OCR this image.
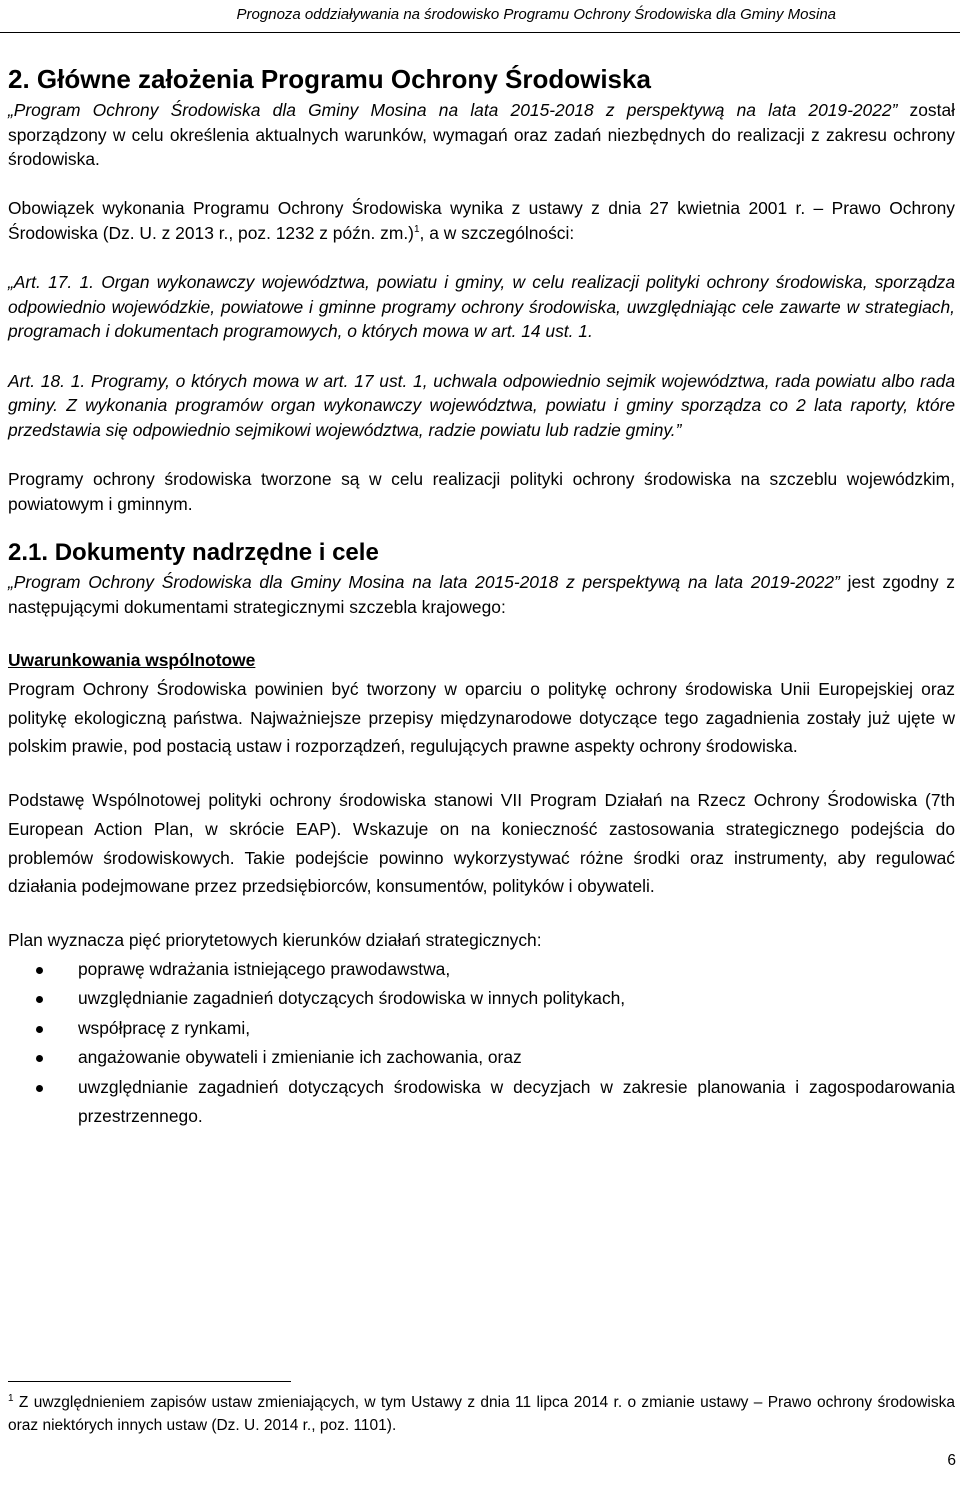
Prognoza oddziaływania na środowisko Programu Ochrony Środowiska dla Gminy Mosina
2. Główne założenia Programu Ochrony Środowiska

„Program Ochrony Środowiska dla Gminy Mosina na lata 2015-2018 z perspektywą na lata 2019-2022” został sporządzony w celu określenia aktualnych warunków, wymagań oraz zadań niezbędnych do realizacji z zakresu ochrony środowiska.

Obowiązek wykonania Programu Ochrony Środowiska wynika z ustawy z dnia 27 kwietnia 2001 r. – Prawo Ochrony Środowiska (Dz. U. z 2013 r., poz. 1232 z późn. zm.)$^1$, a w szczególności:

„Art. 17. 1. Organ wykonawczy województwa, powiatu i gminy, w celu realizacji polityki ochrony środowiska, sporządza odpowiednio wojewódzkie, powiatowe i gminne programy ochrony środowiska, uwzględniając cele zawarte w strategiach, programach i dokumentach programowych, o których mowa w art. 14 ust. 1.

Art. 18. 1. Programy, o których mowa w art. 17 ust. 1, uchwala odpowiednio sejmik województwa, rada powiatu albo rada gminy. Z wykonania programów organ wykonawczy województwa, powiatu i gminy sporządza co 2 lata raporty, które przedstawia się odpowiednio sejmikowi województwa, radzie powiatu lub radzie gminy.”

Programy ochrony środowiska tworzone są w celu realizacji polityki ochrony środowiska na szczeblu wojewódzkim, powiatowym i gminnym.

2.1. Dokumenty nadrzędne i cele

„Program Ochrony Środowiska dla Gminy Mosina na lata 2015-2018 z perspektywą na lata 2019-2022” jest zgodny z następującymi dokumentami strategicznymi szczebla krajowego:

Uwarunkowania wspólnotowe

Program Ochrony Środowiska powinien być tworzony w oparciu o politykę ochrony środowiska Unii Europejskiej oraz politykę ekologiczną państwa. Najważniejsze przepisy międzynarodowe dotyczące tego zagadnienia zostały już ujęte w polskim prawie, pod postacią ustaw i rozporządzeń, regulujących prawne aspekty ochrony środowiska.

Podstawę Wspólnotowej polityki ochrony środowiska stanowi VII Program Działań na Rzecz Ochrony Środowiska (7th European Action Plan, w skrócie EAP). Wskazuje on na konieczność zastosowania strategicznego podejścia do problemów środowiskowych. Takie podejście powinno wykorzystywać różne środki oraz instrumenty, aby regulować działania podejmowane przez przedsiębiorców, konsumentów, polityków i obywateli.

Plan wyznacza pięć priorytetowych kierunków działań strategicznych:

poprawę wdrażania istniejącego prawodawstwa,
uwzględnianie zagadnień dotyczących środowiska w innych politykach,
współpracę z rynkami,
angażowanie obywateli i zmienianie ich zachowania, oraz
uwzględnianie zagadnień dotyczących środowiska w decyzjach w zakresie planowania i zagospodarowania przestrzennego.

$^1$ Z uwzględnieniem zapisów ustaw zmieniających, w tym Ustawy z dnia 11 lipca 2014 r. o zmianie ustawy – Prawo ochrony środowiska oraz niektórych innych ustaw (Dz. U. 2014 r., poz. 1101).

6
